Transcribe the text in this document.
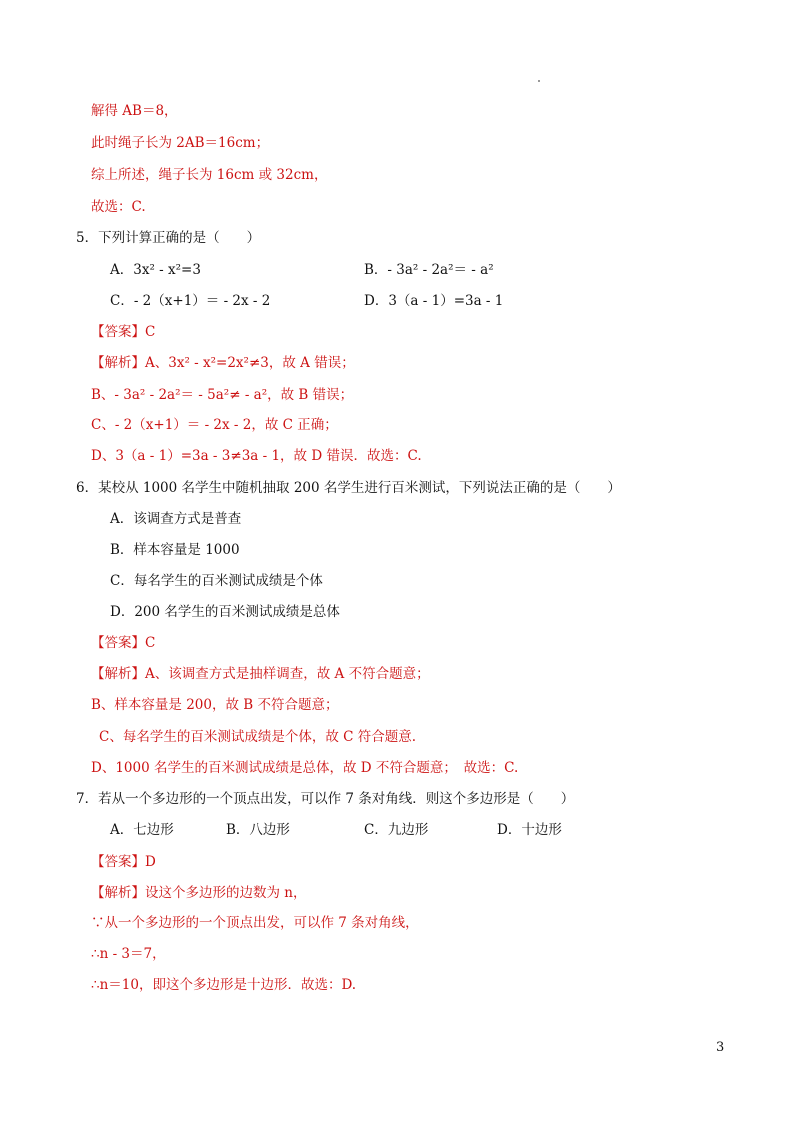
解得 AB＝8，
此时绳子长为 2AB＝16cm；
综上所述，绳子长为 16cm 或 32cm，
故选：C.
5．下列计算正确的是（　　）
A．3x² - x²=3	B．- 3a² - 2a²＝ - a²
C．- 2（x+1）＝ - 2x - 2	D．3（a - 1）=3a - 1
【答案】C
【解析】A、3x² - x²=2x²≠3，故 A 错误；
B、- 3a² - 2a²＝ - 5a²≠ - a²，故 B 错误；
C、- 2（x+1）＝ - 2x - 2，故 C 正确；
D、3（a - 1）=3a - 3≠3a - 1，故 D 错误．故选：C.
6．某校从 1000 名学生中随机抽取 200 名学生进行百米测试，下列说法正确的是（　　）
A．该调查方式是普查
B．样本容量是 1000
C．每名学生的百米测试成绩是个体
D．200 名学生的百米测试成绩是总体
【答案】C
【解析】A、该调查方式是抽样调查，故 A 不符合题意；
B、样本容量是 200，故 B 不符合题意；
C、每名学生的百米测试成绩是个体，故 C 符合题意.
D、1000 名学生的百米测试成绩是总体，故 D 不符合题意；　故选：C.
7．若从一个多边形的一个顶点出发，可以作 7 条对角线．则这个多边形是（　　）
A．七边形	B．八边形	C．九边形	D．十边形
【答案】D
【解析】设这个多边形的边数为 n，
∵从一个多边形的一个顶点出发，可以作 7 条对角线，
∴n - 3＝7，
∴n＝10，即这个多边形是十边形．故选：D.
3
